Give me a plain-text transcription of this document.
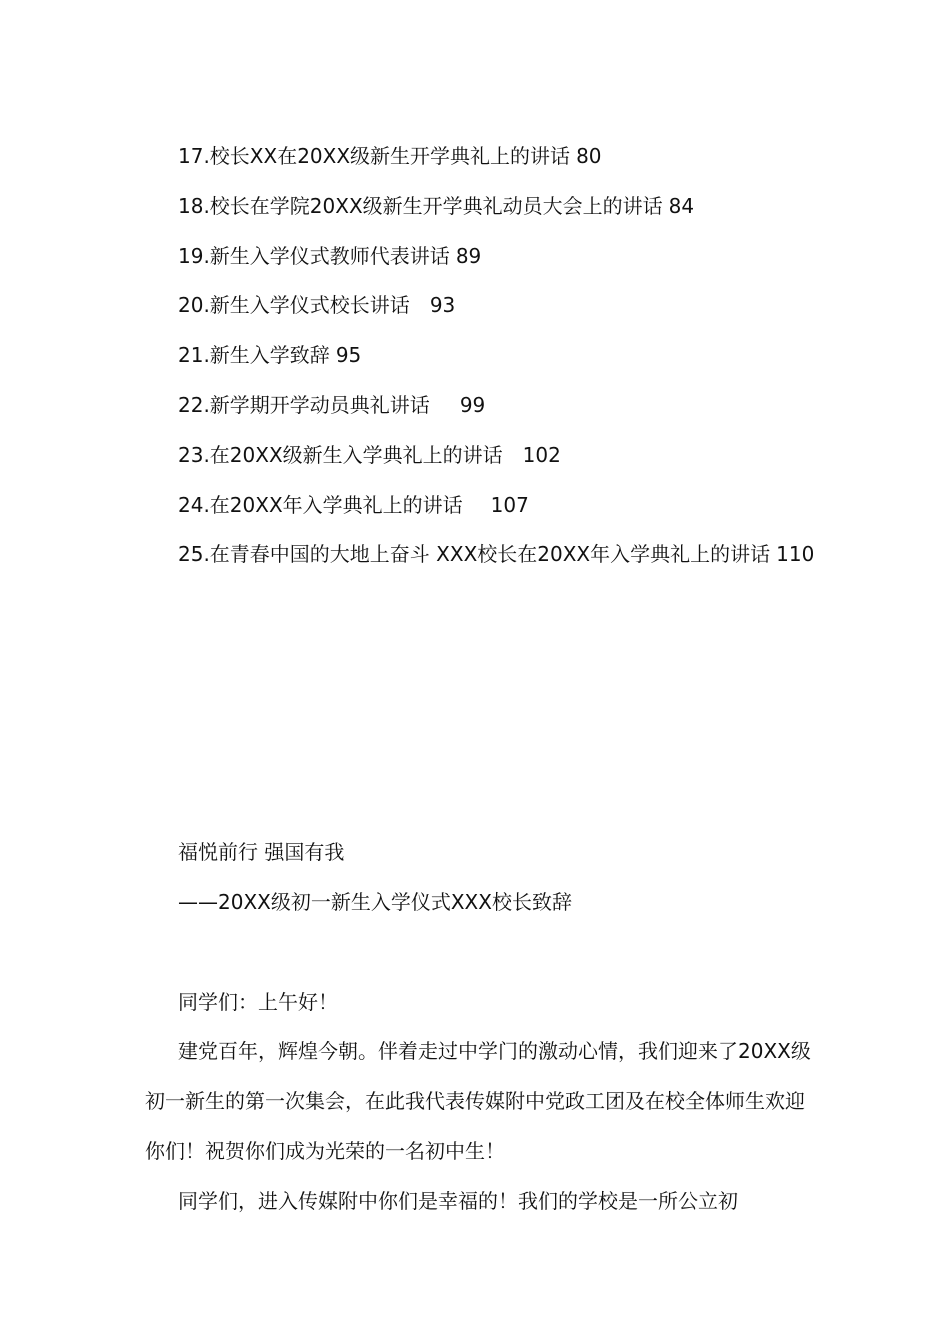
17.校长XX在20XX级新生开学典礼上的讲话 80

18.校长在学院20XX级新生开学典礼动员大会上的讲话 84

19.新生入学仪式教师代表讲话 89

20.新生入学仪式校长讲话 93

21.新生入学致辞 95

22.新学期开学动员典礼讲话 99

23.在20XX级新生入学典礼上的讲话 102

24.在20XX年入学典礼上的讲话 107

25.在青春中国的大地上奋斗 XXX校长在20XX年入学典礼上的讲话 110

福悦前行 强国有我

——20XX级初一新生入学仪式XXX校长致辞

同学们：上午好！

建党百年，辉煌今朝。伴着走过中学门的激动心情，我们迎来了20XX级初一新生的第一次集会，在此我代表传媒附中党政工团及在校全体师生欢迎你们！祝贺你们成为光荣的一名初中生！

同学们，进入传媒附中你们是幸福的！我们的学校是一所公立初
